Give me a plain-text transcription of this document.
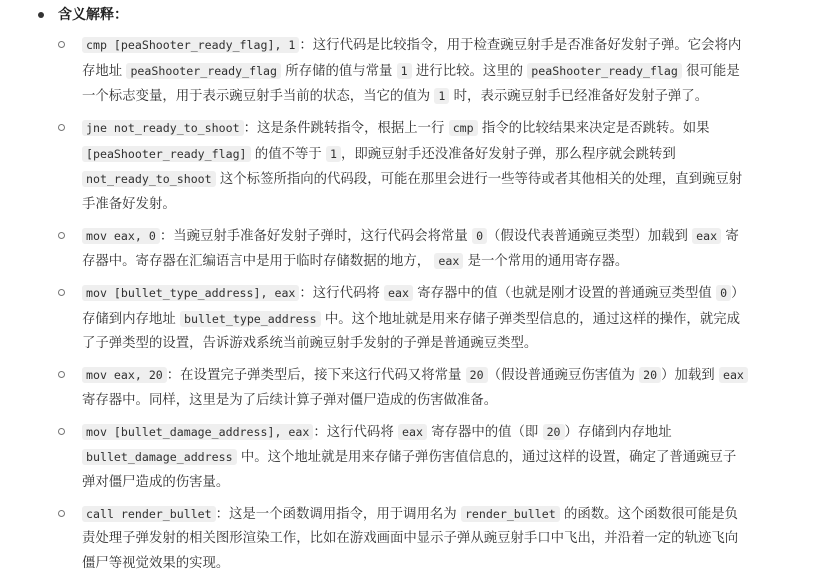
含义解释 ：
cmp [peaShooter_ready_flag], 1 ：这行代码是比较指令，用于检查豌豆射手是否准备好发射子弹。它会将内存地址 peaShooter_ready_flag 所存储的值与常量 1 进行比较。这里的 peaShooter_ready_flag 很可能是一个标志变量，用于表示豌豆射手当前的状态，当它的值为 1 时，表示豌豆射手已经准备好发射子弹了。
jne not_ready_to_shoot ：这是条件跳转指令，根据上一行 cmp 指令的比较结果来决定是否跳转。如果 [peaShooter_ready_flag] 的值不等于 1 ，即豌豆射手还没准备好发射子弹，那么程序就会跳转到 not_ready_to_shoot 这个标签所指向的代码段，可能在那里会进行一些等待或者其他相关的处理，直到豌豆射手准备好发射。
mov eax, 0 ：当豌豆射手准备好发射子弹时，这行代码会将常量 0 （假设代表普通豌豆类型）加载到 eax 寄存器中。寄存器在汇编语言中是用于临时存储数据的地方， eax 是一个常用的通用寄存器。
mov [bullet_type_address], eax ：这行代码将 eax 寄存器中的值（也就是刚才设置的普通豌豆类型值 0 ）存储到内存地址 bullet_type_address 中。这个地址就是用来存储子弹类型信息的，通过这样的操作，就完成了子弹类型的设置，告诉游戏系统当前豌豆射手发射的子弹是普通豌豆类型。
mov eax, 20 ：在设置完子弹类型后，接下来这行代码又将常量 20 （假设普通豌豆伤害值为 20 ）加载到 eax 寄存器中。同样，这里是为了后续计算子弹对僵尸造成的伤害做准备。
mov [bullet_damage_address], eax ：这行代码将 eax 寄存器中的值（即 20 ）存储到内存地址 bullet_damage_address 中。这个地址就是用来存储子弹伤害值信息的，通过这样的设置，确定了普通豌豆子弹对僵尸造成的伤害量。
call render_bullet ：这是一个函数调用指令，用于调用名为 render_bullet 的函数。这个函数很可能是负责处理子弹发射的相关图形渲染工作，比如在游戏画面中显示子弹从豌豆射手口中飞出，并沿着一定的轨迹飞向僵尸等视觉效果的实现。
